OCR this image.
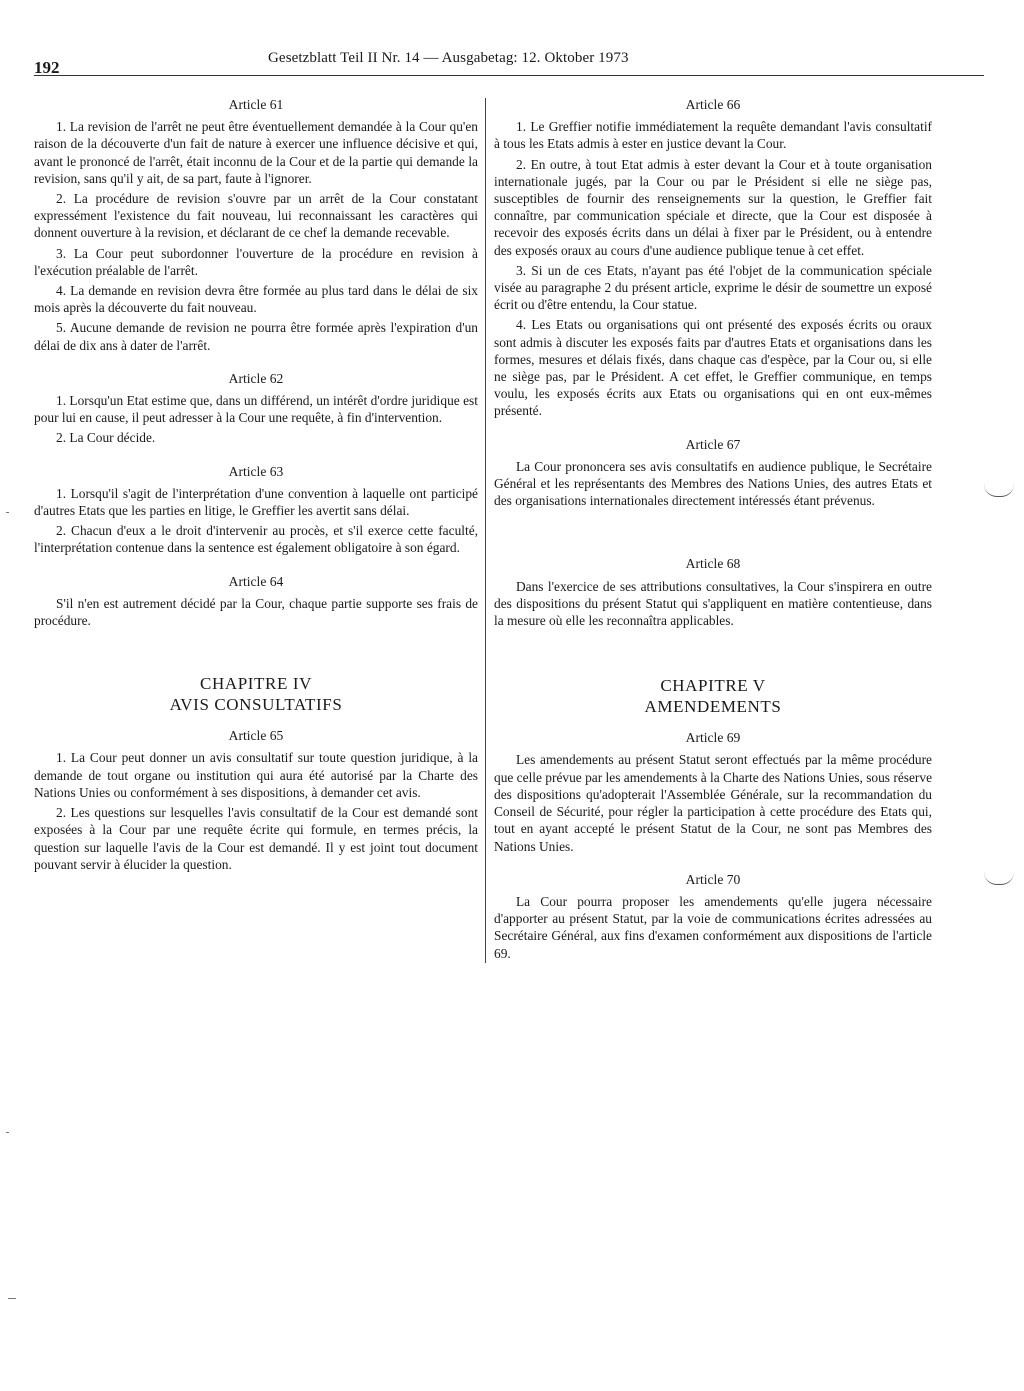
192	Gesetzblatt Teil II Nr. 14 — Ausgabetag: 12. Oktober 1973
Article 61

1. La revision de l'arrêt ne peut être éventuellement demandée à la Cour qu'en raison de la découverte d'un fait de nature à exercer une influence décisive et qui, avant le prononcé de l'arrêt, était inconnu de la Cour et de la partie qui demande la revision, sans qu'il y ait, de sa part, faute à l'ignorer.

2. La procédure de revision s'ouvre par un arrêt de la Cour constatant expressément l'existence du fait nouveau, lui reconnaissant les caractères qui donnent ouverture à la revision, et déclarant de ce chef la demande recevable.

3. La Cour peut subordonner l'ouverture de la procédure en revision à l'exécution préalable de l'arrêt.

4. La demande en revision devra être formée au plus tard dans le délai de six mois après la découverte du fait nouveau.

5. Aucune demande de revision ne pourra être formée après l'expiration d'un délai de dix ans à dater de l'arrêt.

Article 62

1. Lorsqu'un Etat estime que, dans un différend, un intérêt d'ordre juridique est pour lui en cause, il peut adresser à la Cour une requête, à fin d'intervention.

2. La Cour décide.

Article 63

1. Lorsqu'il s'agit de l'interprétation d'une convention à laquelle ont participé d'autres Etats que les parties en litige, le Greffier les avertit sans délai.

2. Chacun d'eux a le droit d'intervenir au procès, et s'il exerce cette faculté, l'interprétation contenue dans la sentence est également obligatoire à son égard.

Article 64

S'il n'en est autrement décidé par la Cour, chaque partie supporte ses frais de procédure.

CHAPITRE IV
AVIS CONSULTATIFS
Article 65

1. La Cour peut donner un avis consultatif sur toute question juridique, à la demande de tout organe ou institution qui aura été autorisé par la Charte des Nations Unies ou conformément à ses dispositions, à demander cet avis.

2. Les questions sur lesquelles l'avis consultatif de la Cour est demandé sont exposées à la Cour par une requête écrite qui formule, en termes précis, la question sur laquelle l'avis de la Cour est demandé. Il y est joint tout document pouvant servir à élucider la question.

Article 66

1. Le Greffier notifie immédiatement la requête demandant l'avis consultatif à tous les Etats admis à ester en justice devant la Cour.

2. En outre, à tout Etat admis à ester devant la Cour et à toute organisation internationale jugés, par la Cour ou par le Président si elle ne siège pas, susceptibles de fournir des renseignements sur la question, le Greffier fait connaître, par communication spéciale et directe, que la Cour est disposée à recevoir des exposés écrits dans un délai à fixer par le Président, ou à entendre des exposés oraux au cours d'une audience publique tenue à cet effet.

3. Si un de ces Etats, n'ayant pas été l'objet de la communication spéciale visée au paragraphe 2 du présent article, exprime le désir de soumettre un exposé écrit ou d'être entendu, la Cour statue.

4. Les Etats ou organisations qui ont présenté des exposés écrits ou oraux sont admis à discuter les exposés faits par d'autres Etats et organisations dans les formes, mesures et délais fixés, dans chaque cas d'espèce, par la Cour ou, si elle ne siège pas, par le Président. A cet effet, le Greffier communique, en temps voulu, les exposés écrits aux Etats ou organisations qui en ont eux-mêmes présenté.

Article 67

La Cour prononcera ses avis consultatifs en audience publique, le Secrétaire Général et les représentants des Membres des Nations Unies, des autres Etats et des organisations internationales directement intéressés étant prévenus.

Article 68

Dans l'exercice de ses attributions consultatives, la Cour s'inspirera en outre des dispositions du présent Statut qui s'appliquent en matière contentieuse, dans la mesure où elle les reconnaîtra applicables.

CHAPITRE V
AMENDEMENTS
Article 69

Les amendements au présent Statut seront effectués par la même procédure que celle prévue par les amendements à la Charte des Nations Unies, sous réserve des dispositions qu'adopterait l'Assemblée Générale, sur la recommandation du Conseil de Sécurité, pour régler la participation à cette procédure des Etats qui, tout en ayant accepté le présent Statut de la Cour, ne sont pas Membres des Nations Unies.

Article 70

La Cour pourra proposer les amendements qu'elle jugera nécessaire d'apporter au présent Statut, par la voie de communications écrites adressées au Secrétaire Général, aux fins d'examen conformément aux dispositions de l'article 69.
